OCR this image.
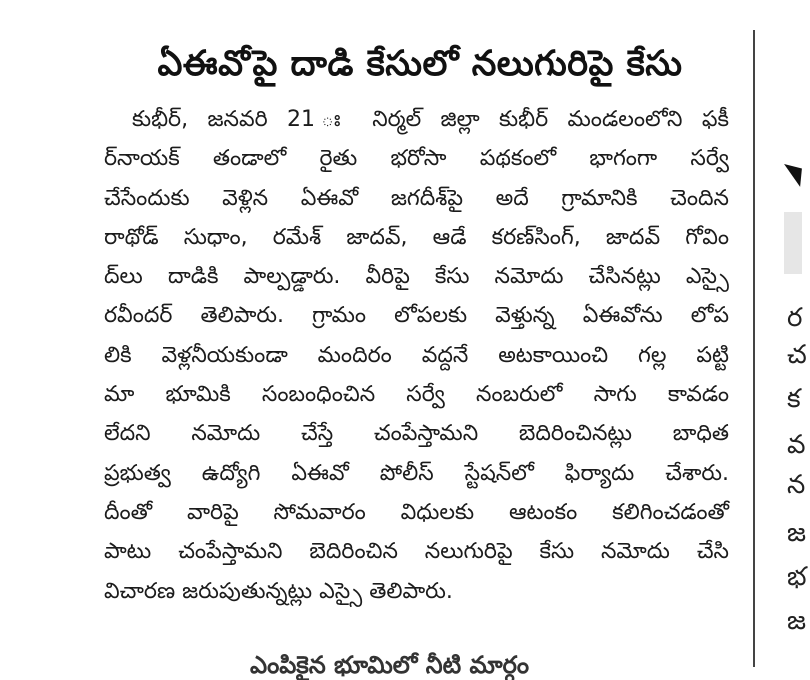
ఏఈవోపై దాడి కేసులో నలుగురిపై కేసు
కుభీర్, జనవరి 21 ః నిర్మల్ జిల్లా కుభీర్ మండలంలోని ఫకీ
ర్‌నాయక్ తండాలో రైతు భరోసా పథకంలో భాగంగా సర్వే
చేసేందుకు వెళ్లిన ఏఈవో జగదీశ్‌పై అదే గ్రామానికి చెందిన
రాథోడ్ సుధాం, రమేశ్ జాదవ్, ఆడే కరణ్‌సింగ్, జాదవ్ గోవిం
ద్‌లు దాడికి పాల్పడ్డారు. వీరిపై కేసు నమోదు చేసినట్లు ఎస్సై
రవీందర్ తెలిపారు. గ్రామం లోపలకు వెళ్తున్న ఏఈవోను లోప
లికి వెళ్లనీయకుండా మందిరం వద్దనే అటకాయించి గల్ల పట్టి
మా భూమికి సంబంధించిన సర్వే నంబరులో సాగు కావడం
లేదని నమోదు చేస్తే చంపేస్తామని బెదిరించినట్లు బాధిత
ప్రభుత్వ ఉద్యోగి ఏఈవో పోలీస్ స్టేషన్‌లో ఫిర్యాదు చేశారు.
దీంతో వారిపై సోమవారం విధులకు ఆటంకం కలిగించడంతో
పాటు చంపేస్తామని బెదిరించిన నలుగురిపై కేసు నమోదు చేసి
విచారణ జరుపుతున్నట్లు ఎస్సై తెలిపారు.
ర
చ
క
వ
న
జ
భ
జ
ఎంపికైన భూమిలో నీటి మార్గం
